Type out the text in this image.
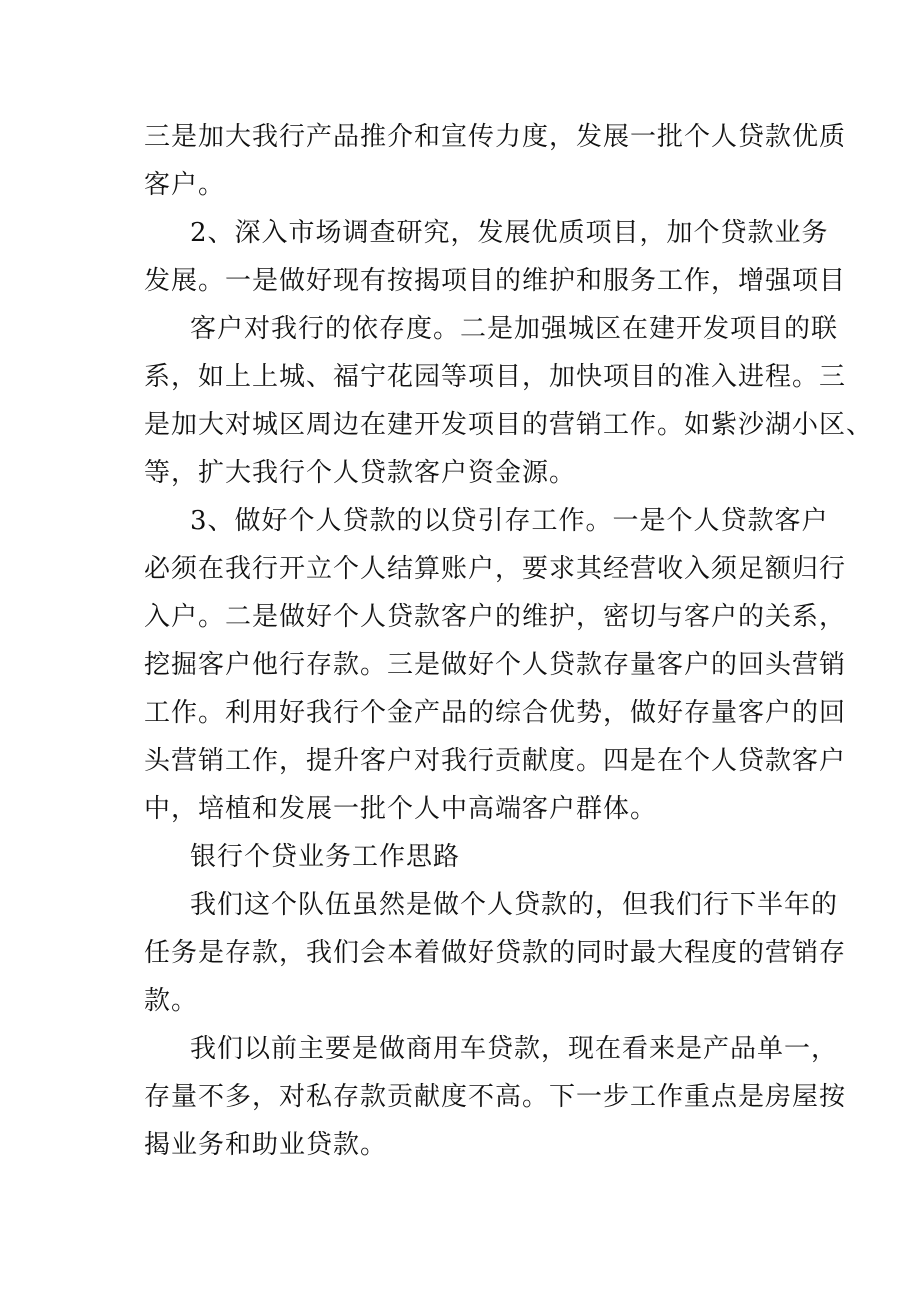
三是加大我行产品推介和宣传力度，发展一批个人贷款优质
客户。
2、深入市场调查研究，发展优质项目，加个贷款业务
发展。一是做好现有按揭项目的维护和服务工作，增强项目
客户对我行的依存度。二是加强城区在建开发项目的联
系，如上上城、福宁花园等项目，加快项目的准入进程。三
是加大对城区周边在建开发项目的营销工作。如紫沙湖小区、
等，扩大我行个人贷款客户资金源。
3、做好个人贷款的以贷引存工作。一是个人贷款客户
必须在我行开立个人结算账户，要求其经营收入须足额归行
入户。二是做好个人贷款客户的维护，密切与客户的关系，
挖掘客户他行存款。三是做好个人贷款存量客户的回头营销
工作。利用好我行个金产品的综合优势，做好存量客户的回
头营销工作，提升客户对我行贡献度。四是在个人贷款客户
中，培植和发展一批个人中高端客户群体。
银行个贷业务工作思路
我们这个队伍虽然是做个人贷款的，但我们行下半年的
任务是存款，我们会本着做好贷款的同时最大程度的营销存
款。
我们以前主要是做商用车贷款，现在看来是产品单一，
存量不多，对私存款贡献度不高。下一步工作重点是房屋按
揭业务和助业贷款。
